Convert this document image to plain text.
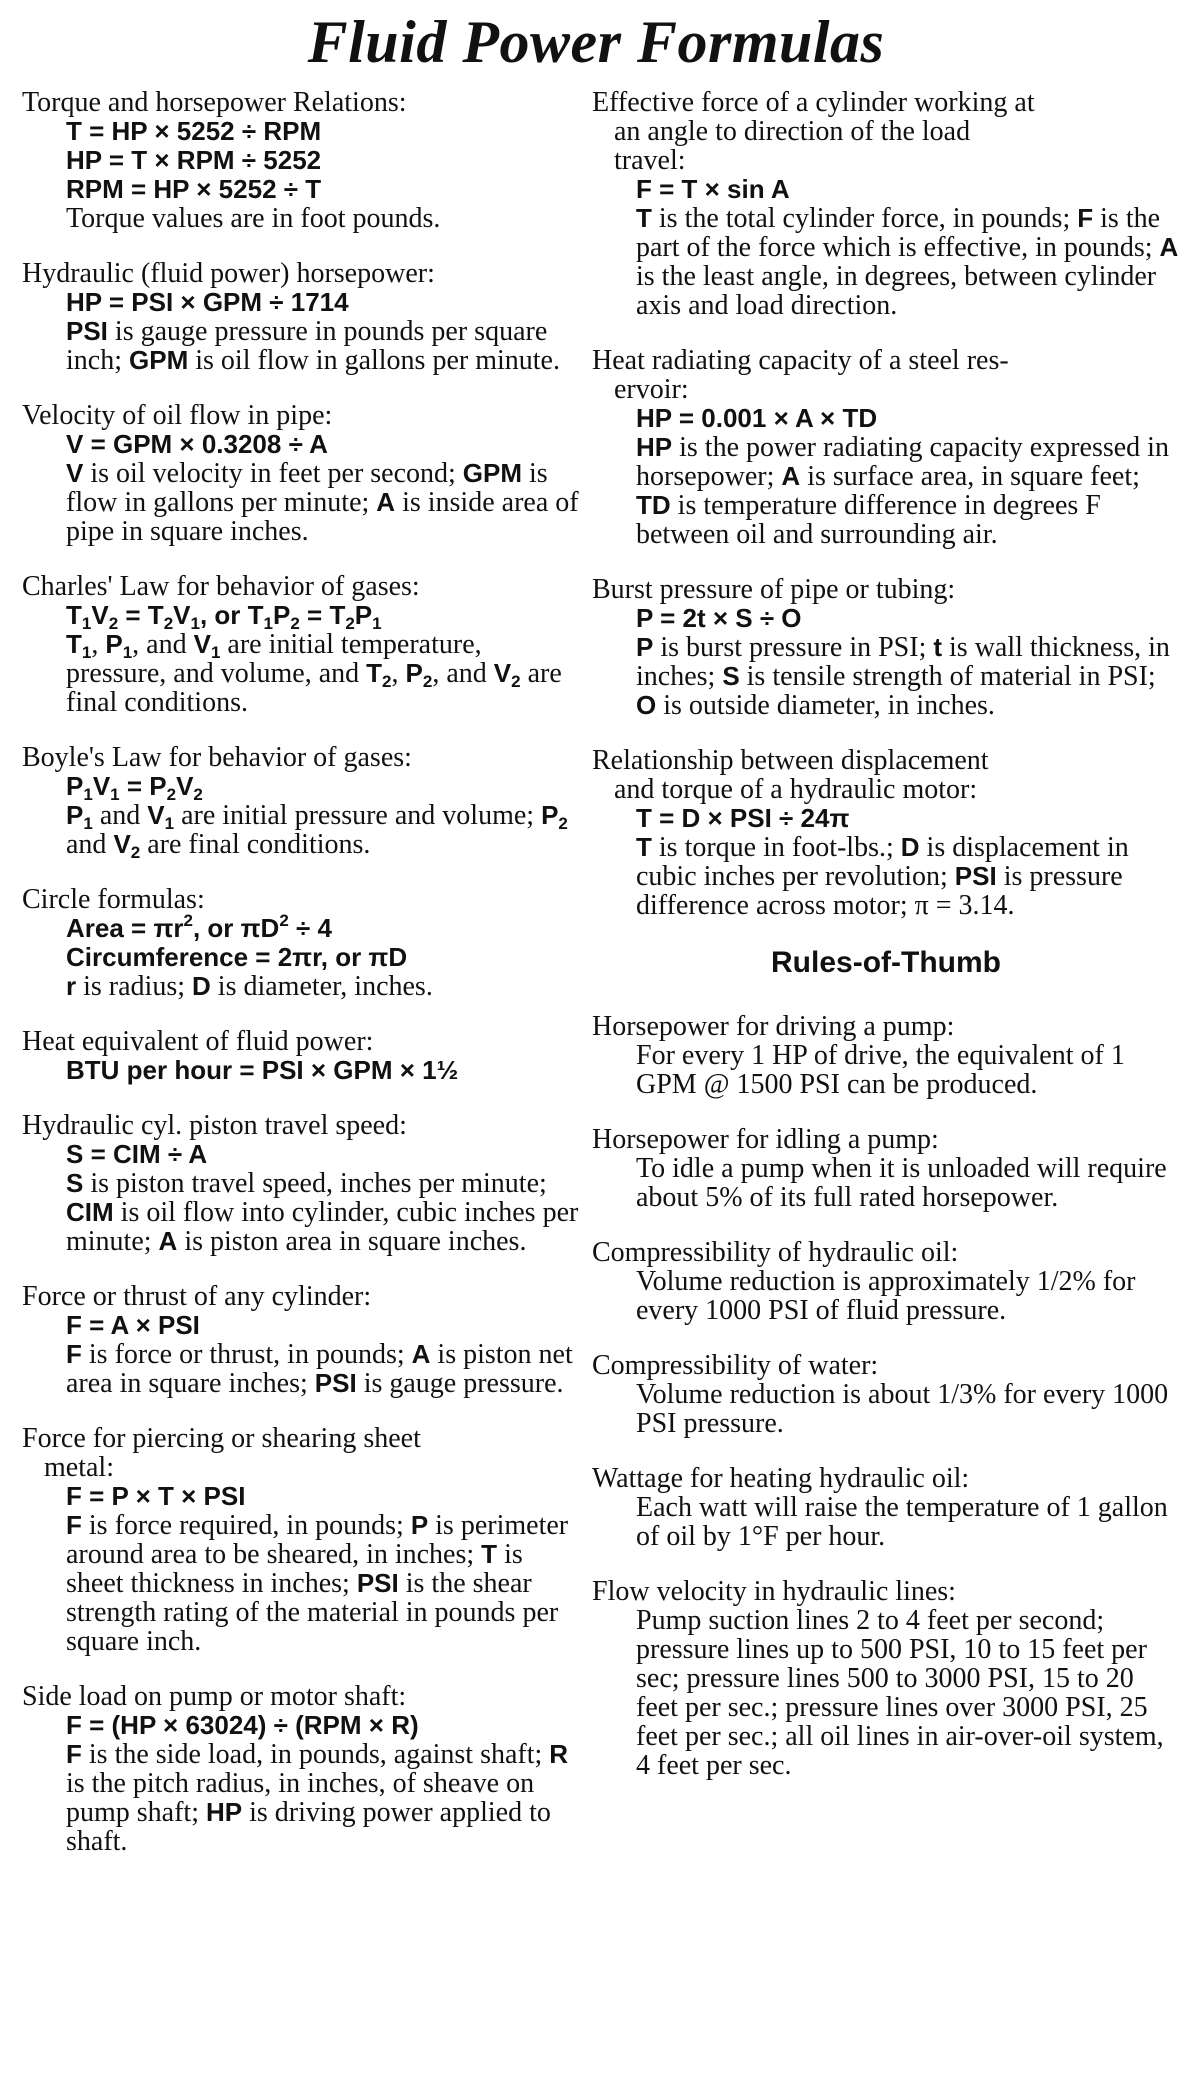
Fluid Power Formulas
Torque and horsepower Relations:
T = HP × 5252 ÷ RPM
HP = T × RPM ÷ 5252
RPM = HP × 5252 ÷ T
Torque values are in foot pounds.
Hydraulic (fluid power) horsepower:
HP = PSI × GPM ÷ 1714
PSI is gauge pressure in pounds per square inch; GPM is oil flow in gallons per minute.
Velocity of oil flow in pipe:
V = GPM × 0.3208 ÷ A
V is oil velocity in feet per second; GPM is flow in gallons per minute; A is inside area of pipe in square inches.
Charles' Law for behavior of gases:
$T_1V_2 = T_2V_1$, or $T_1P_2 = T_2P_1$
$T_1$, $P_1$, and $V_1$ are initial temperature, pressure, and volume, and $T_2$, $P_2$, and $V_2$ are final conditions.
Boyle's Law for behavior of gases:
$P_1V_1 = P_2V_2$
$P_1$ and $V_1$ are initial pressure and volume; $P_2$ and $V_2$ are final conditions.
Circle formulas:
Area = $\pi r^2$, or $\pi D^2 \div 4$
Circumference = 2πr, or πD
r is radius; D is diameter, inches.
Heat equivalent of fluid power:
BTU per hour = PSI × GPM × 1½
Hydraulic cyl. piston travel speed:
S = CIM ÷ A
S is piston travel speed, inches per minute; CIM is oil flow into cylinder, cubic inches per minute; A is piston area in square inches.
Force or thrust of any cylinder:
F = A × PSI
F is force or thrust, in pounds; A is piston net area in square inches; PSI is gauge pressure.
Force for piercing or shearing sheet
metal:
F = P × T × PSI
F is force required, in pounds; P is perimeter around area to be sheared, in inches; T is sheet thickness in inches; PSI is the shear strength rating of the material in pounds per square inch.
Side load on pump or motor shaft:
F = (HP × 63024) ÷ (RPM × R)
F is the side load, in pounds, against shaft; R is the pitch radius, in inches, of sheave on pump shaft; HP is driving power applied to shaft.
Effective force of a cylinder working at
an angle to direction of the load
travel:
F = T × sin A
T is the total cylinder force, in pounds; F is the part of the force which is effective, in pounds; A is the least angle, in degrees, between cylinder axis and load direction.
Heat radiating capacity of a steel res-
ervoir:
HP = 0.001 × A × TD
HP is the power radiating capacity expressed in horsepower; A is surface area, in square feet; TD is temperature difference in degrees F between oil and surrounding air.
Burst pressure of pipe or tubing:
P = 2t × S ÷ O
P is burst pressure in PSI; t is wall thickness, in inches; S is tensile strength of material in PSI; O is outside diameter, in inches.
Relationship between displacement
and torque of a hydraulic motor:
T = D × PSI ÷ 24π
T is torque in foot-lbs.; D is displacement in cubic inches per revolution; PSI is pressure difference across motor; π = 3.14.
Rules-of-Thumb
Horsepower for driving a pump:
For every 1 HP of drive, the equivalent of 1 GPM @ 1500 PSI can be produced.
Horsepower for idling a pump:
To idle a pump when it is unloaded will require about 5% of its full rated horsepower.
Compressibility of hydraulic oil:
Volume reduction is approximately 1/2% for every 1000 PSI of fluid pressure.
Compressibility of water:
Volume reduction is about 1/3% for every 1000 PSI pressure.
Wattage for heating hydraulic oil:
Each watt will raise the temperature of 1 gallon of oil by 1°F per hour.
Flow velocity in hydraulic lines:
Pump suction lines 2 to 4 feet per second; pressure lines up to 500 PSI, 10 to 15 feet per sec; pressure lines 500 to 3000 PSI, 15 to 20 feet per sec.; pressure lines over 3000 PSI, 25 feet per sec.; all oil lines in air-over-oil system, 4 feet per sec.
